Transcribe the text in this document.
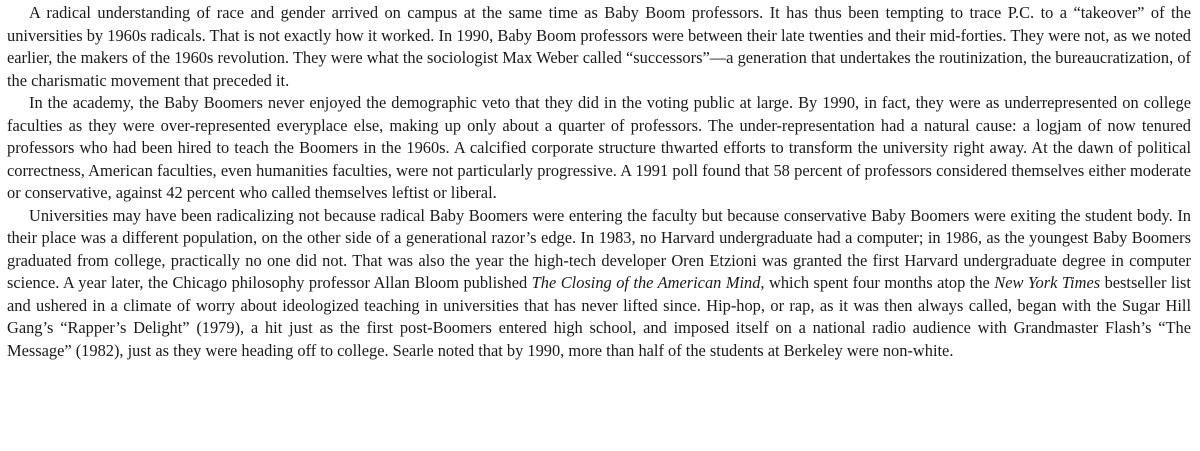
A radical understanding of race and gender arrived on campus at the same time as Baby Boom professors. It has thus been tempting to trace P.C. to a “takeover” of the universities by 1960s radicals. That is not exactly how it worked. In 1990, Baby Boom professors were between their late twenties and their mid-forties. They were not, as we noted earlier, the makers of the 1960s revolution. They were what the sociologist Max Weber called “successors”—a generation that undertakes the routinization, the bureaucratization, of the charismatic movement that preceded it.

In the academy, the Baby Boomers never enjoyed the demographic veto that they did in the voting public at large. By 1990, in fact, they were as underrepresented on college faculties as they were over-represented everyplace else, making up only about a quarter of professors. The under-representation had a natural cause: a logjam of now tenured professors who had been hired to teach the Boomers in the 1960s. A calcified corporate structure thwarted efforts to transform the university right away. At the dawn of political correctness, American faculties, even humanities faculties, were not particularly progressive. A 1991 poll found that 58 percent of professors considered themselves either moderate or conservative, against 42 percent who called themselves leftist or liberal.

Universities may have been radicalizing not because radical Baby Boomers were entering the faculty but because conservative Baby Boomers were exiting the student body. In their place was a different population, on the other side of a generational razor’s edge. In 1983, no Harvard undergraduate had a computer; in 1986, as the youngest Baby Boomers graduated from college, practically no one did not. That was also the year the high-tech developer Oren Etzioni was granted the first Harvard undergraduate degree in computer science. A year later, the Chicago philosophy professor Allan Bloom published The Closing of the American Mind, which spent four months atop the New York Times bestseller list and ushered in a climate of worry about ideologized teaching in universities that has never lifted since. Hip-hop, or rap, as it was then always called, began with the Sugar Hill Gang’s “Rapper’s Delight” (1979), a hit just as the first post-Boomers entered high school, and imposed itself on a national radio audience with Grandmaster Flash’s “The Message” (1982), just as they were heading off to college. Searle noted that by 1990, more than half of the students at Berkeley were non-white.
